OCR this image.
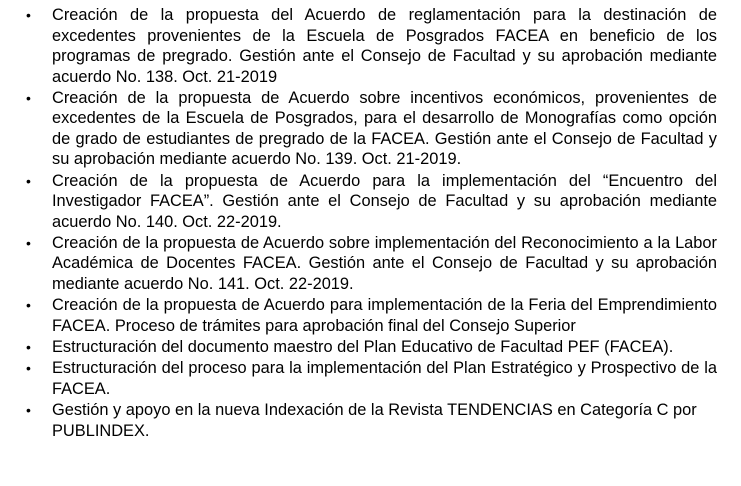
• Creación de la propuesta del Acuerdo de reglamentación para la destinación de excedentes provenientes de la Escuela de Posgrados FACEA en beneficio de los programas de pregrado. Gestión ante el Consejo de Facultad y su aprobación mediante acuerdo No. 138. Oct. 21-2019
• Creación de la propuesta de Acuerdo sobre incentivos económicos, provenientes de excedentes de la Escuela de Posgrados, para el desarrollo de Monografías como opción de grado de estudiantes de pregrado de la FACEA. Gestión ante el Consejo de Facultad y su aprobación mediante acuerdo No. 139. Oct. 21-2019.
• Creación de la propuesta de Acuerdo para la implementación del “Encuentro del Investigador FACEA”. Gestión ante el Consejo de Facultad y su aprobación mediante acuerdo No. 140. Oct. 22-2019.
• Creación de la propuesta de Acuerdo sobre implementación del Reconocimiento a la Labor Académica de Docentes FACEA. Gestión ante el Consejo de Facultad y su aprobación mediante acuerdo No. 141. Oct. 22-2019.
• Creación de la propuesta de Acuerdo para implementación de la Feria del Emprendimiento FACEA. Proceso de trámites para aprobación final del Consejo Superior
• Estructuración del documento maestro del Plan Educativo de Facultad PEF (FACEA).
• Estructuración del proceso para la implementación del Plan Estratégico y Prospectivo de la FACEA.
• Gestión y apoyo en la nueva Indexación de la Revista TENDENCIAS en Categoría C por PUBLINDEX.
